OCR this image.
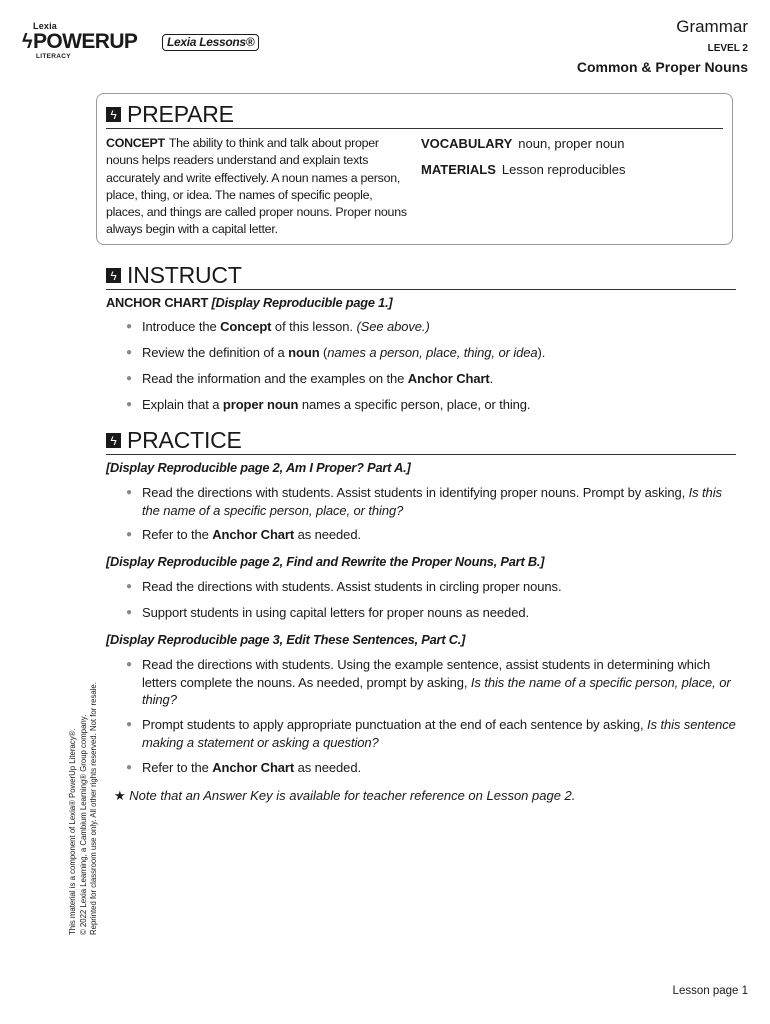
Lexia
ϟ POWERUP
LITERACY
Lexia Lessons®
Grammar
LEVEL 2
Common & Proper Nouns
ϟ PREPARE
CONCEPT The ability to think and talk about proper nouns helps readers understand and explain texts accurately and write effectively. A noun names a person, place, thing, or idea. The names of specific people, places, and things are called proper nouns. Proper nouns always begin with a capital letter.
VOCABULARY noun, proper noun
MATERIALS Lesson reproducibles
ϟ INSTRUCT
ANCHOR CHART [Display Reproducible page 1.]
● Introduce the Concept of this lesson. (See above.)
● Review the definition of a noun (names a person, place, thing, or idea).
● Read the information and the examples on the Anchor Chart.
● Explain that a proper noun names a specific person, place, or thing.
ϟ PRACTICE
[Display Reproducible page 2, Am I Proper? Part A.]
● Read the directions with students. Assist students in identifying proper nouns. Prompt by asking, Is this the name of a specific person, place, or thing?
● Refer to the Anchor Chart as needed.
[Display Reproducible page 2, Find and Rewrite the Proper Nouns, Part B.]
● Read the directions with students. Assist students in circling proper nouns.
● Support students in using capital letters for proper nouns as needed.
[Display Reproducible page 3, Edit These Sentences, Part C.]
● Read the directions with students. Using the example sentence, assist students in determining which letters complete the nouns. As needed, prompt by asking, Is this the name of a specific person, place, or thing?
● Prompt students to apply appropriate punctuation at the end of each sentence by asking, Is this sentence making a statement or asking a question?
● Refer to the Anchor Chart as needed.
★ Note that an Answer Key is available for teacher reference on Lesson page 2.
This material is a component of Lexia® PowerUp Literacy®. © 2022 Lexia Learning, a Cambium Learning® Group company. Reprinted for classroom use only. All other rights reserved. Not for resale.
Lesson page 1
